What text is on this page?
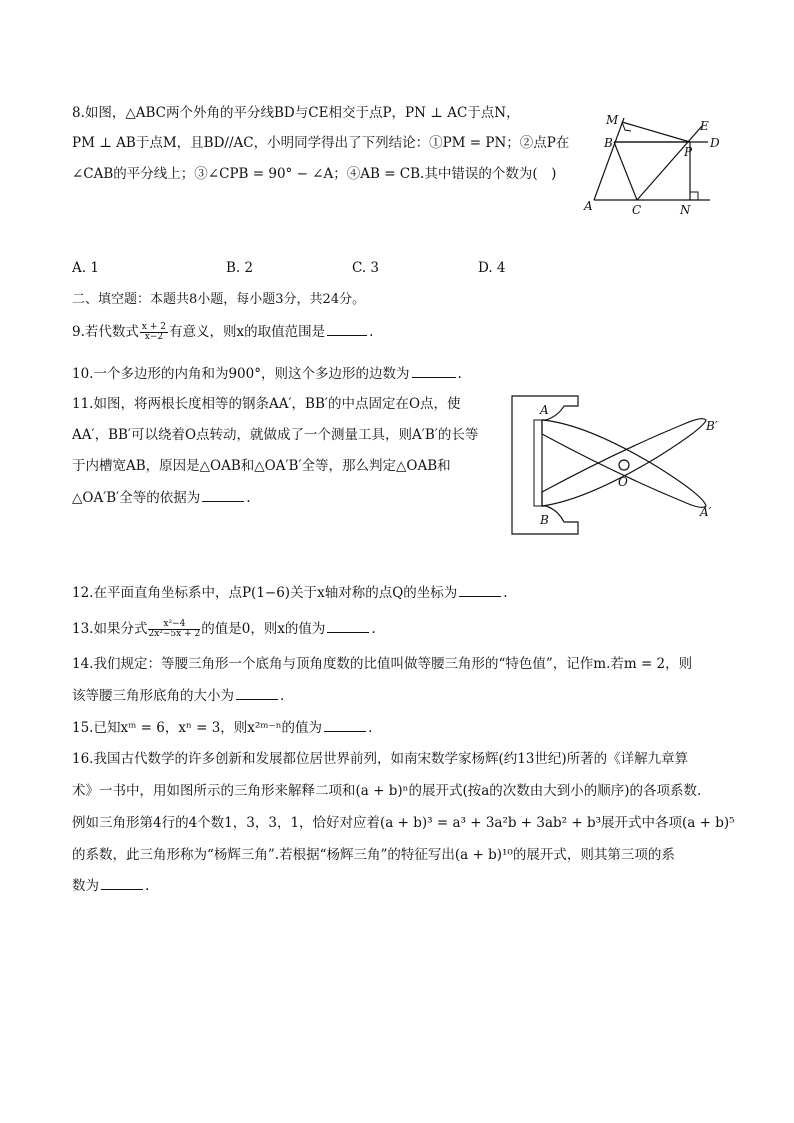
8.如图，△ABC两个外角的平分线BD与CE相交于点P，PN ⊥ AC于点N，
PM ⊥ AB于点M，且BD//AC，小明同学得出了下列结论：①PM = PN；②点P在
∠CAB的平分线上；③∠CPB = 90° − ∠A；④AB = CB.其中错误的个数为(　)
M	E
B
P
D
A	C	N
A. 1	B. 2	C. 3	D. 4
二、填空题：本题共8小题，每小题3分，共24分。
9.若代数式 $\frac{x + 2}{x-2}$ 有意义，则x的取值范围是	.
10.一个多边形的内角和为900°，则这个多边形的边数为	.
11.如图，将两根长度相等的钢条AA′，BB′的中点固定在O点，使
AA′，BB′可以绕着O点转动，就做成了一个测量工具，则A′B′的长等
于内槽宽AB，原因是△OAB和△OA′B′全等，那么判定△OAB和
△OA′B′全等的依据为	.
A
B
B′
A′
O
12.在平面直角坐标系中，点P(1−6)关于x轴对称的点Q的坐标为	.
13.如果分式 $\frac{\text{x²−4}}{\text{2x²−5x + 2}}$ 的值是0，则x的值为	.
14.我们规定：等腰三角形一个底角与顶角度数的比值叫做等腰三角形的“特色值”，记作m.若m = 2，则
该等腰三角形底角的大小为	.
15.已知xᵐ = 6，xⁿ = 3，则x²ᵐ⁻ⁿ的值为	.
16.我国古代数学的许多创新和发展都位居世界前列，如南宋数学家杨辉(约13世纪)所著的《详解九章算
术》一书中，用如图所示的三角形来解释二项和(a + b)ⁿ的展开式(按a的次数由大到小的顺序)的各项系数.
例如三角形第4行的4个数1，3，3，1，恰好对应着(a + b)³ = a³ + 3a²b + 3ab² + b³展开式中各项(a + b)⁵
的系数，此三角形称为“杨辉三角”.若根据“杨辉三角”的特征写出(a + b)¹⁰的展开式，则其第三项的系
数为	.
